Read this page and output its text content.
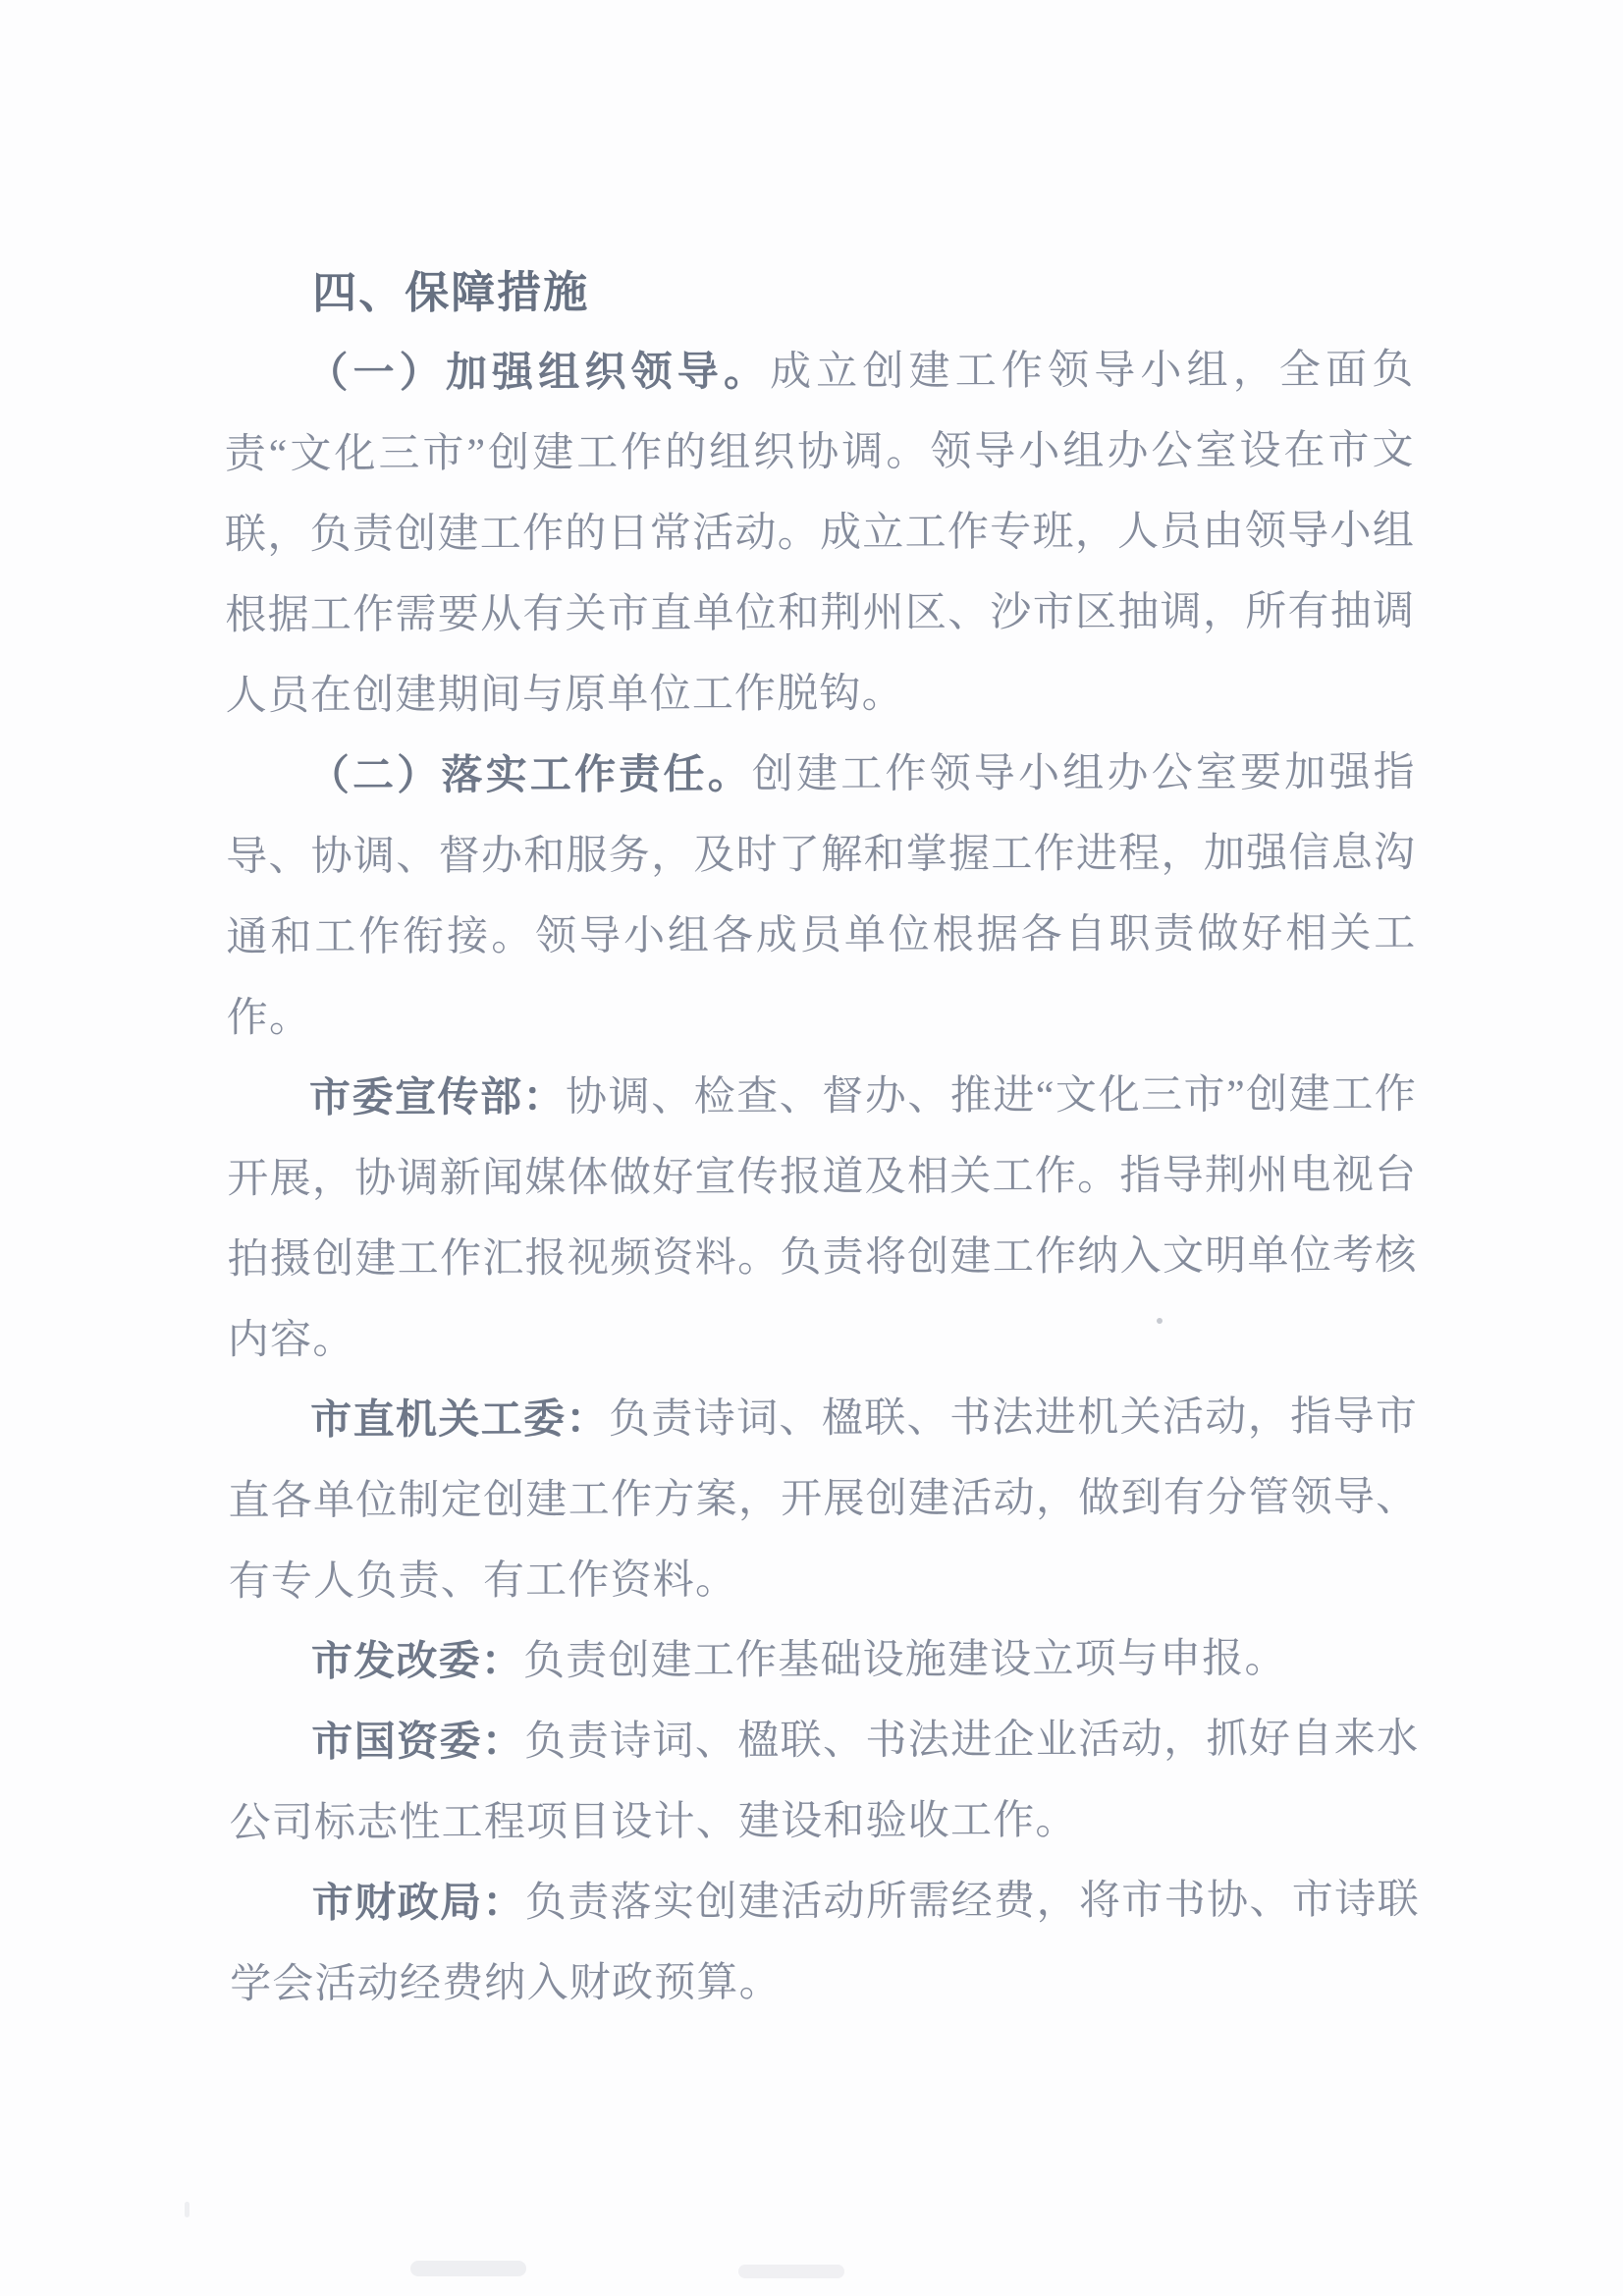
四、保障措施

（一）加强组织领导。成立创建工作领导小组，全面负责“文化三市”创建工作的组织协调。领导小组办公室设在市文联，负责创建工作的日常活动。成立工作专班，人员由领导小组根据工作需要从有关市直单位和荆州区、沙市区抽调，所有抽调人员在创建期间与原单位工作脱钩。

（二）落实工作责任。创建工作领导小组办公室要加强指导、协调、督办和服务，及时了解和掌握工作进程，加强信息沟通和工作衔接。领导小组各成员单位根据各自职责做好相关工作。

市委宣传部：协调、检查、督办、推进“文化三市”创建工作开展，协调新闻媒体做好宣传报道及相关工作。指导荆州电视台拍摄创建工作汇报视频资料。负责将创建工作纳入文明单位考核内容。

市直机关工委：负责诗词、楹联、书法进机关活动，指导市直各单位制定创建工作方案，开展创建活动，做到有分管领导、有专人负责、有工作资料。

市发改委：负责创建工作基础设施建设立项与申报。

市国资委：负责诗词、楹联、书法进企业活动，抓好自来水公司标志性工程项目设计、建设和验收工作。

市财政局：负责落实创建活动所需经费，将市书协、市诗联学会活动经费纳入财政预算。
